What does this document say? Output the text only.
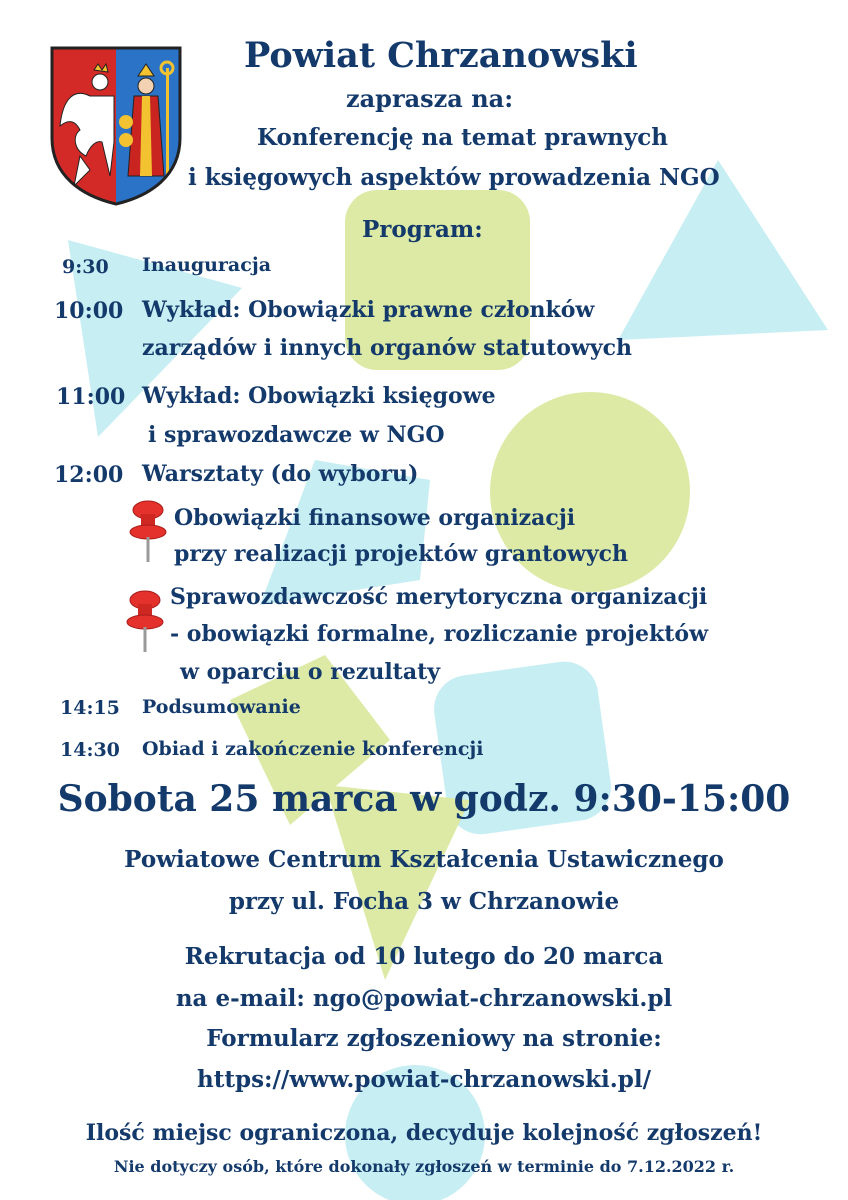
Powiat Chrzanowski
zaprasza na:
Konferencję na temat prawnych
i księgowych aspektów prowadzenia NGO
Program:
9:30 Inauguracja
10:00 Wykład: Obowiązki prawne członków
zarządów i innych organów statutowych
11:00 Wykład: Obowiązki księgowe
i sprawozdawcze w NGO
12:00 Warsztaty (do wyboru)
Obowiązki finansowe organizacji
przy realizacji projektów grantowych
Sprawozdawczość merytoryczna organizacji
- obowiązki formalne, rozliczanie projektów
w oparciu o rezultaty
14:15 Podsumowanie
14:30 Obiad i zakończenie konferencji
Sobota 25 marca w godz. 9:30-15:00
Powiatowe Centrum Kształcenia Ustawicznego
przy ul. Focha 3 w Chrzanowie
Rekrutacja od 10 lutego do 20 marca
na e-mail: ngo@powiat-chrzanowski.pl
Formularz zgłoszeniowy na stronie:
https://www.powiat-chrzanowski.pl/
Ilość miejsc ograniczona, decyduje kolejność zgłoszeń!
Nie dotyczy osób, które dokonały zgłoszeń w terminie do 7.12.2022 r.
